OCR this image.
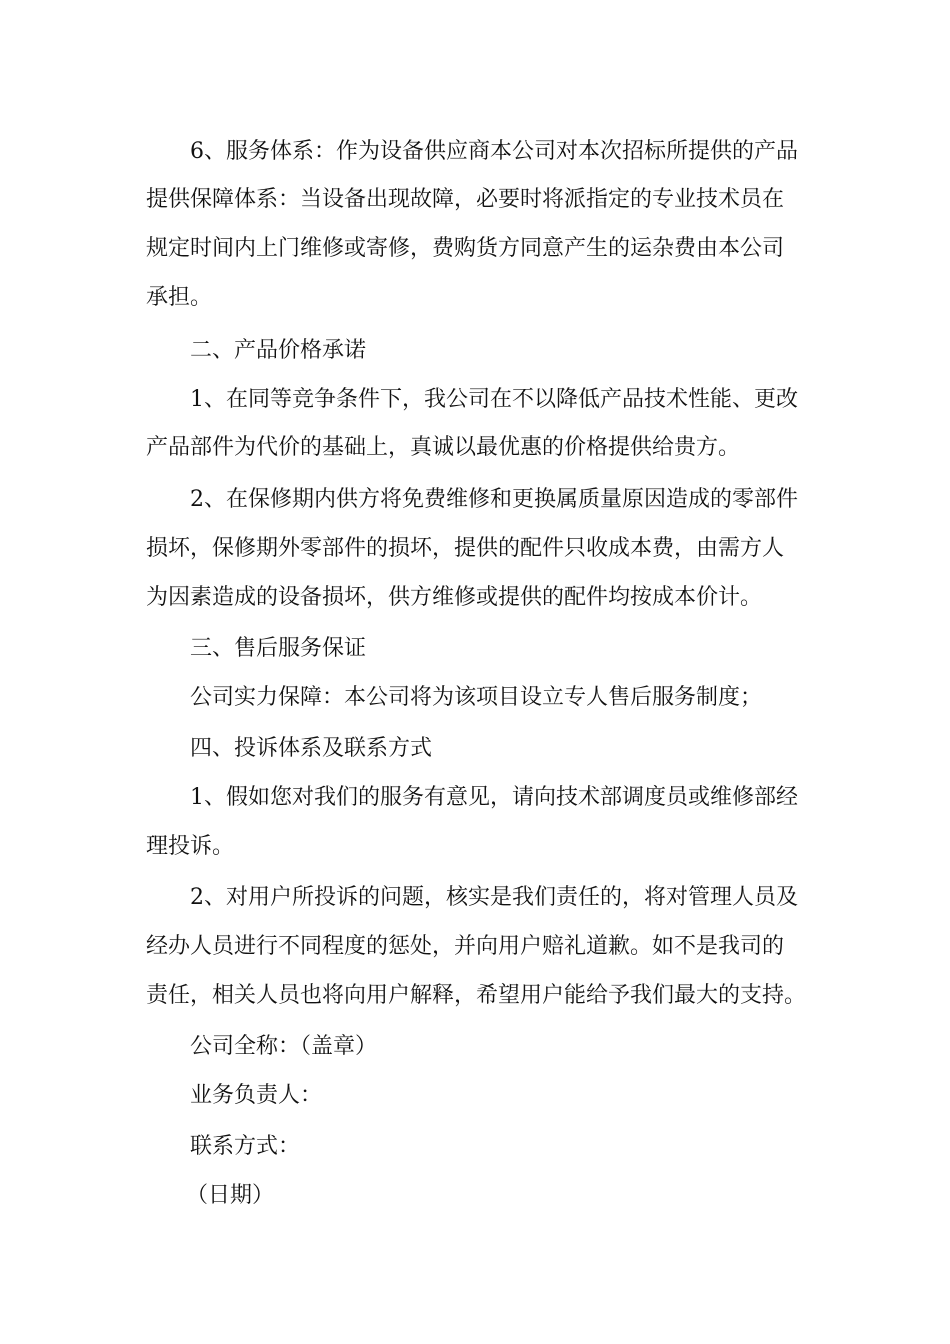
6、服务体系：作为设备供应商本公司对本次招标所提供的产品
提供保障体系：当设备出现故障，必要时将派指定的专业技术员在
规定时间内上门维修或寄修，费购货方同意产生的运杂费由本公司
承担。
二、产品价格承诺
1、在同等竞争条件下，我公司在不以降低产品技术性能、更改
产品部件为代价的基础上，真诚以最优惠的价格提供给贵方。
2、在保修期内供方将免费维修和更换属质量原因造成的零部件
损坏，保修期外零部件的损坏，提供的配件只收成本费，由需方人
为因素造成的设备损坏，供方维修或提供的配件均按成本价计。
三、售后服务保证
公司实力保障：本公司将为该项目设立专人售后服务制度；
四、投诉体系及联系方式
1、假如您对我们的服务有意见，请向技术部调度员或维修部经
理投诉。
2、对用户所投诉的问题，核实是我们责任的，将对管理人员及
经办人员进行不同程度的惩处，并向用户赔礼道歉。如不是我司的
责任，相关人员也将向用户解释，希望用户能给予我们最大的支持。
公司全称：（盖章）
业务负责人：
联系方式：
（日期）
